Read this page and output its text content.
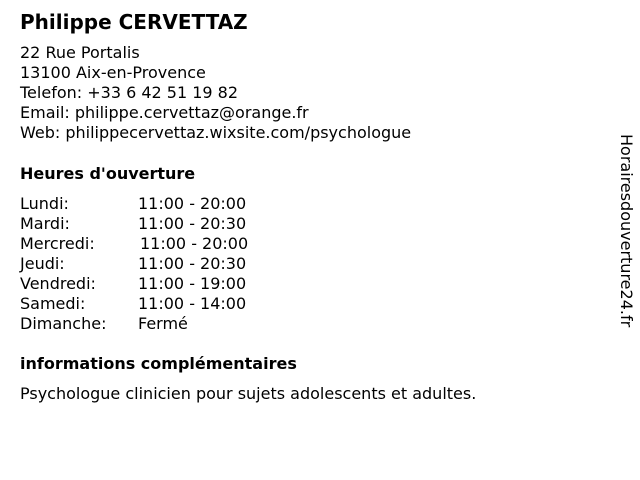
Philippe CERVETTAZ
22 Rue Portalis
13100 Aix-en-Provence
Telefon: +33 6 42 51 19 82
Email: philippe.cervettaz@orange.fr
Web: philippecervettaz.wixsite.com/psychologue
Heures d'ouverture
Lundi:	11:00 - 20:00
Mardi:	11:00 - 20:30
Mercredi:	11:00 - 20:00
Jeudi:	11:00 - 20:30
Vendredi:	11:00 - 19:00
Samedi:	11:00 - 14:00
Dimanche: Fermé
informations complémentaires
Psychologue clinicien pour sujets adolescents et adultes.
Horairesdouverture24.fr
